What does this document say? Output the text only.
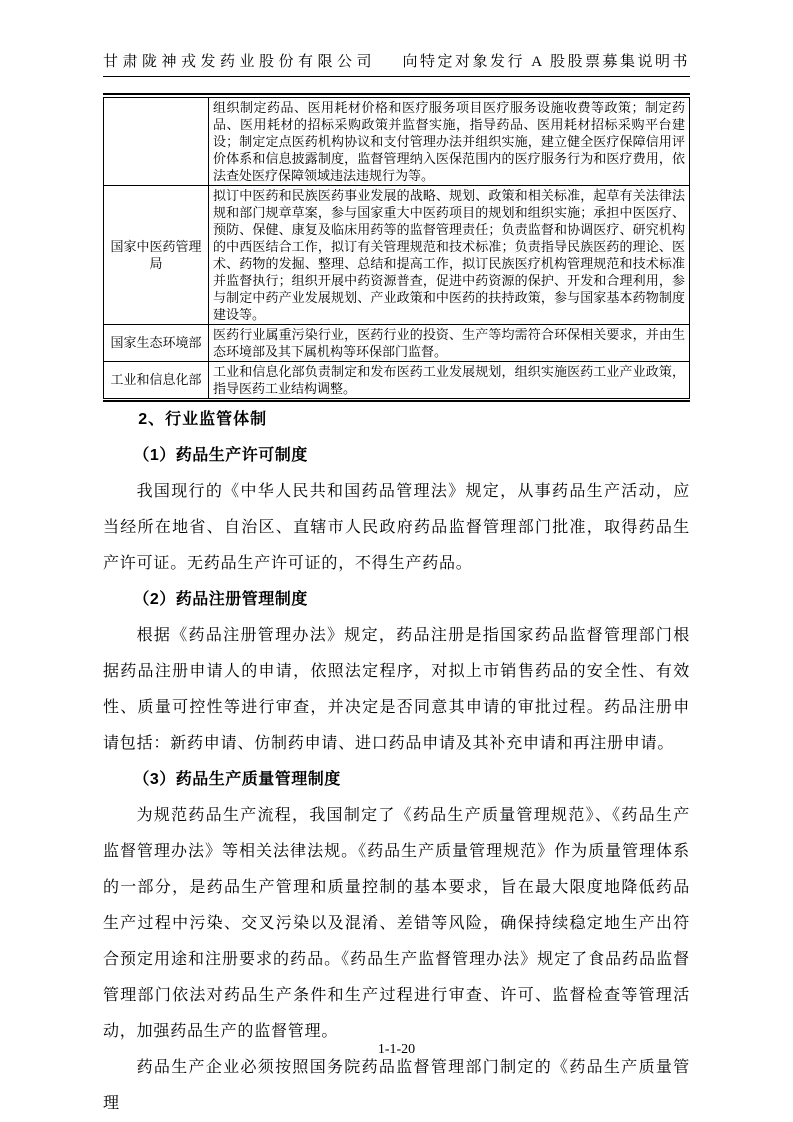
甘肃陇神戎发药业股份有限公司 向特定对象发行 A 股股票募集说明书
	组织制定药品、医用耗材价格和医疗服务项目医疗服务设施收费等政策；制定药品、医用耗材的招标采购政策并监督实施，指导药品、医用耗材招标采购平台建设；制定定点医药机构协议和支付管理办法并组织实施，建立健全医疗保障信用评价体系和信息披露制度，监督管理纳入医保范围内的医疗服务行为和医疗费用，依法查处医疗保障领域违法违规行为等。
国家中医药管理局	拟订中医药和民族医药事业发展的战略、规划、政策和相关标准，起草有关法律法规和部门规章草案，参与国家重大中医药项目的规划和组织实施；承担中医医疗、预防、保健、康复及临床用药等的监督管理责任；负责监督和协调医疗、研究机构的中西医结合工作，拟订有关管理规范和技术标准；负责指导民族医药的理论、医术、药物的发掘、整理、总结和提高工作，拟订民族医疗机构管理规范和技术标准并监督执行；组织开展中药资源普查，促进中药资源的保护、开发和合理利用，参与制定中药产业发展规划、产业政策和中医药的扶持政策，参与国家基本药物制度建设等。
国家生态环境部	医药行业属重污染行业，医药行业的投资、生产等均需符合环保相关要求，并由生态环境部及其下属机构等环保部门监督。
工业和信息化部	工业和信息化部负责制定和发布医药工业发展规划，组织实施医药工业产业政策，指导医药工业结构调整。
2、行业监管体制
（1）药品生产许可制度

我国现行的《中华人民共和国药品管理法》规定，从事药品生产活动，应当经所在地省、自治区、直辖市人民政府药品监督管理部门批准，取得药品生产许可证。无药品生产许可证的，不得生产药品。

（2）药品注册管理制度

根据《药品注册管理办法》规定，药品注册是指国家药品监督管理部门根据药品注册申请人的申请，依照法定程序，对拟上市销售药品的安全性、有效性、质量可控性等进行审查，并决定是否同意其申请的审批过程。药品注册申请包括：新药申请、仿制药申请、进口药品申请及其补充申请和再注册申请。

（3）药品生产质量管理制度

为规范药品生产流程，我国制定了《药品生产质量管理规范》、《药品生产监督管理办法》等相关法律法规。《药品生产质量管理规范》作为质量管理体系的一部分，是药品生产管理和质量控制的基本要求，旨在最大限度地降低药品生产过程中污染、交叉污染以及混淆、差错等风险，确保持续稳定地生产出符合预定用途和注册要求的药品。《药品生产监督管理办法》规定了食品药品监督管理部门依法对药品生产条件和生产过程进行审查、许可、监督检查等管理活动，加强药品生产的监督管理。

药品生产企业必须按照国务院药品监督管理部门制定的《药品生产质量管理

1-1-20
